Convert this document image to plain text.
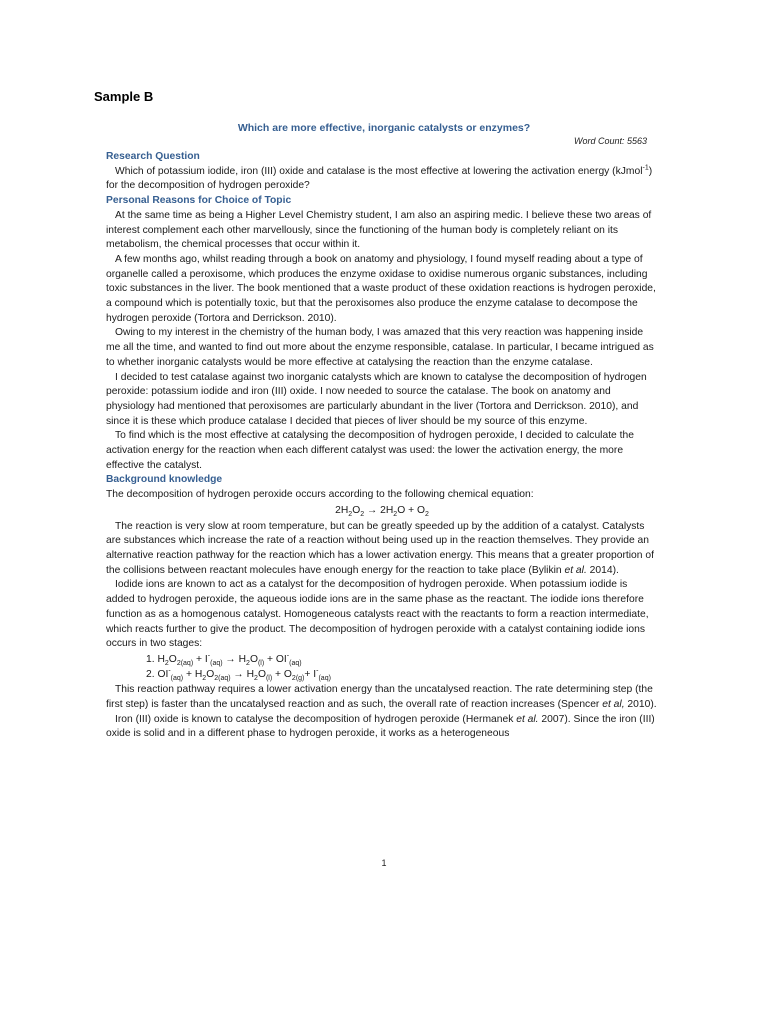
Sample B
Which are more effective, inorganic catalysts or enzymes?
Word Count: 5563
Research Question

Which of potassium iodide, iron (III) oxide and catalase is the most effective at lowering the activation energy (kJmol$^{-1}$) for the decomposition of hydrogen peroxide?

Personal Reasons for Choice of Topic

At the same time as being a Higher Level Chemistry student, I am also an aspiring medic. I believe these two areas of interest complement each other marvellously, since the functioning of the human body is completely reliant on its metabolism, the chemical processes that occur within it.

A few months ago, whilst reading through a book on anatomy and physiology, I found myself reading about a type of organelle called a peroxisome, which produces the enzyme oxidase to oxidise numerous organic substances, including toxic substances in the liver. The book mentioned that a waste product of these oxidation reactions is hydrogen peroxide, a compound which is potentially toxic, but that the peroxisomes also produce the enzyme catalase to decompose the hydrogen peroxide (Tortora and Derrickson. 2010).

Owing to my interest in the chemistry of the human body, I was amazed that this very reaction was happening inside me all the time, and wanted to find out more about the enzyme responsible, catalase. In particular, I became intrigued as to whether inorganic catalysts would be more effective at catalysing the reaction than the enzyme catalase.

I decided to test catalase against two inorganic catalysts which are known to catalyse the decomposition of hydrogen peroxide: potassium iodide and iron (III) oxide. I now needed to source the catalase. The book on anatomy and physiology had mentioned that peroxisomes are particularly abundant in the liver (Tortora and Derrickson. 2010), and since it is these which produce catalase I decided that pieces of liver should be my source of this enzyme.

To find which is the most effective at catalysing the decomposition of hydrogen peroxide, I decided to calculate the activation energy for the reaction when each different catalyst was used: the lower the activation energy, the more effective the catalyst.

Background knowledge

The decomposition of hydrogen peroxide occurs according to the following chemical equation:

$2H_2O_2 \to 2H_2O + O_2$

The reaction is very slow at room temperature, but can be greatly speeded up by the addition of a catalyst. Catalysts are substances which increase the rate of a reaction without being used up in the reaction themselves. They provide an alternative reaction pathway for the reaction which has a lower activation energy. This means that a greater proportion of the collisions between reactant molecules have enough energy for the reaction to take place (Bylikin et al. 2014).

Iodide ions are known to act as a catalyst for the decomposition of hydrogen peroxide. When potassium iodide is added to hydrogen peroxide, the aqueous iodide ions are in the same phase as the reactant. The iodide ions therefore function as as a homogenous catalyst. Homogeneous catalysts react with the reactants to form a reaction intermediate, which reacts further to give the product. The decomposition of hydrogen peroxide with a catalyst containing iodide ions occurs in two stages:

1. $H_2O_{2(aq)} + I^-_{(aq)} \to H_2O_{(l)} + OI^-_{(aq)}$
2. $OI^-_{(aq)} + H_2O_{2(aq)} \to H_2O_{(l)} + O_{2(g)}+ I^-_{(aq)}$

This reaction pathway requires a lower activation energy than the uncatalysed reaction. The rate determining step (the first step) is faster than the uncatalysed reaction and as such, the overall rate of reaction increases (Spencer et al, 2010).

Iron (III) oxide is known to catalyse the decomposition of hydrogen peroxide (Hermanek et al. 2007). Since the iron (III) oxide is solid and in a different phase to hydrogen peroxide, it works as a heterogeneous

1
